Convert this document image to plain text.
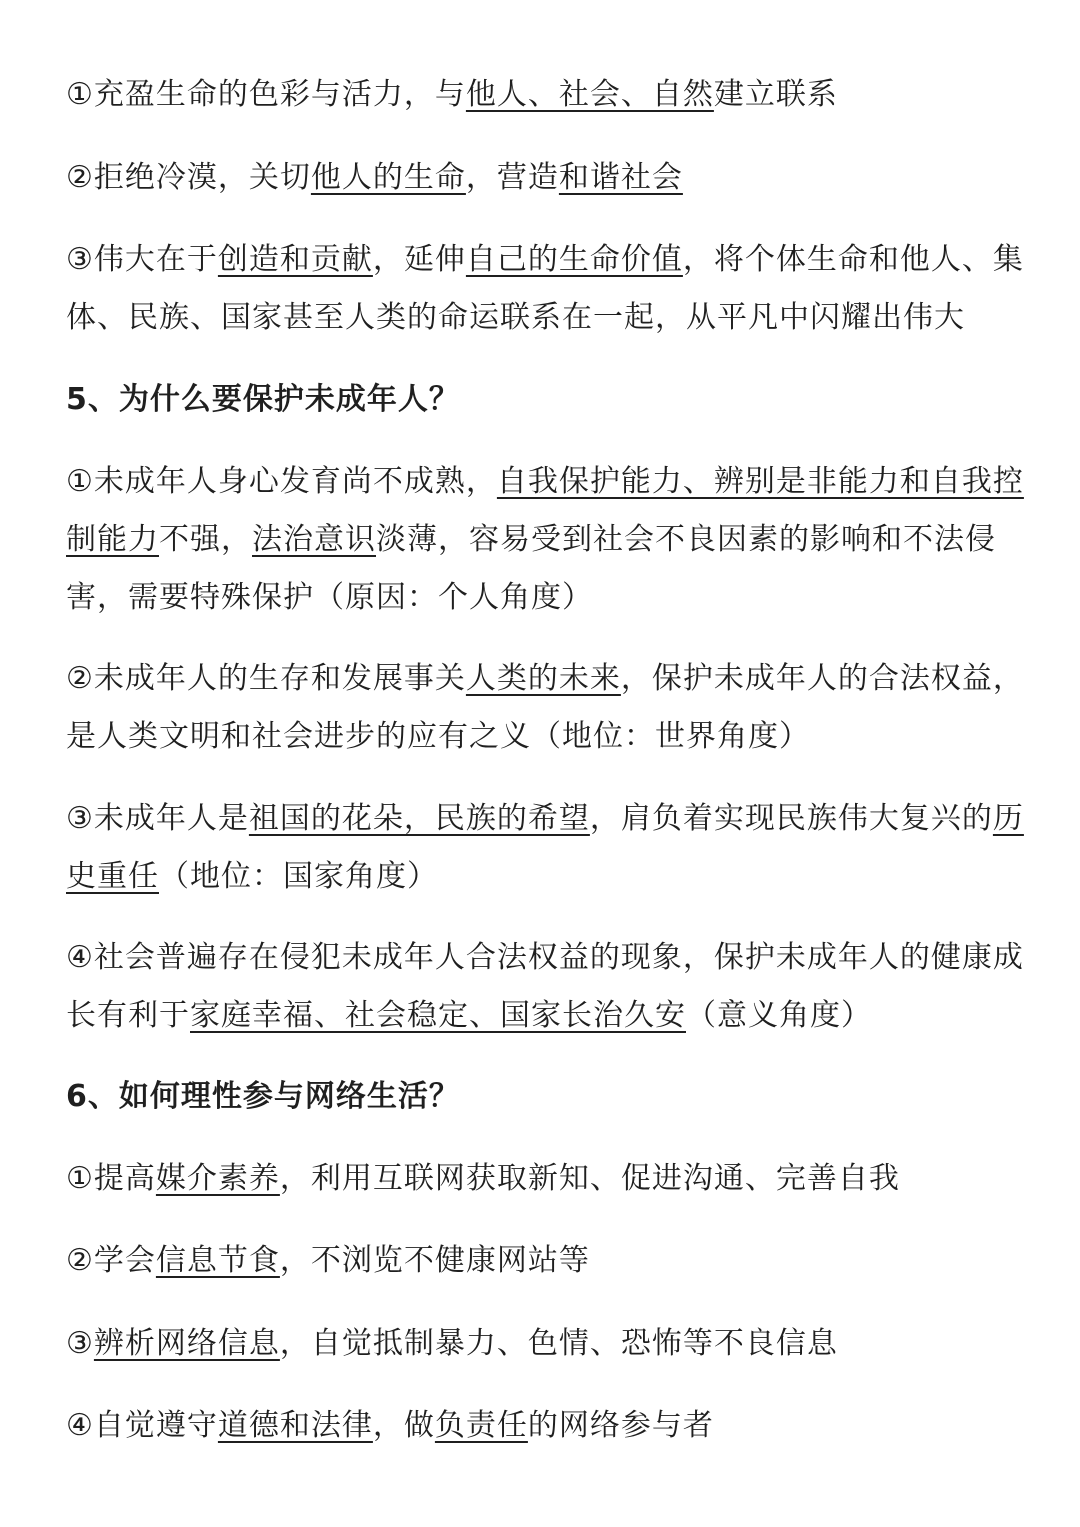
①充盈生命的色彩与活力，与他人、社会、自然建立联系

②拒绝冷漠，关切他人的生命，营造和谐社会

③伟大在于创造和贡献，延伸自己的生命价值，将个体生命和他人、集体、民族、国家甚至人类的命运联系在一起，从平凡中闪耀出伟大

5、为什么要保护未成年人？

①未成年人身心发育尚不成熟，自我保护能力、辨别是非能力和自我控制能力不强，法治意识淡薄，容易受到社会不良因素的影响和不法侵害，需要特殊保护（原因：个人角度）

②未成年人的生存和发展事关人类的未来，保护未成年人的合法权益，是人类文明和社会进步的应有之义（地位：世界角度）

③未成年人是祖国的花朵，民族的希望，肩负着实现民族伟大复兴的历史重任（地位：国家角度）

④社会普遍存在侵犯未成年人合法权益的现象，保护未成年人的健康成长有利于家庭幸福、社会稳定、国家长治久安（意义角度）

6、如何理性参与网络生活？

①提高媒介素养，利用互联网获取新知、促进沟通、完善自我

②学会信息节食，不浏览不健康网站等

③辨析网络信息，自觉抵制暴力、色情、恐怖等不良信息

④自觉遵守道德和法律，做负责任的网络参与者
